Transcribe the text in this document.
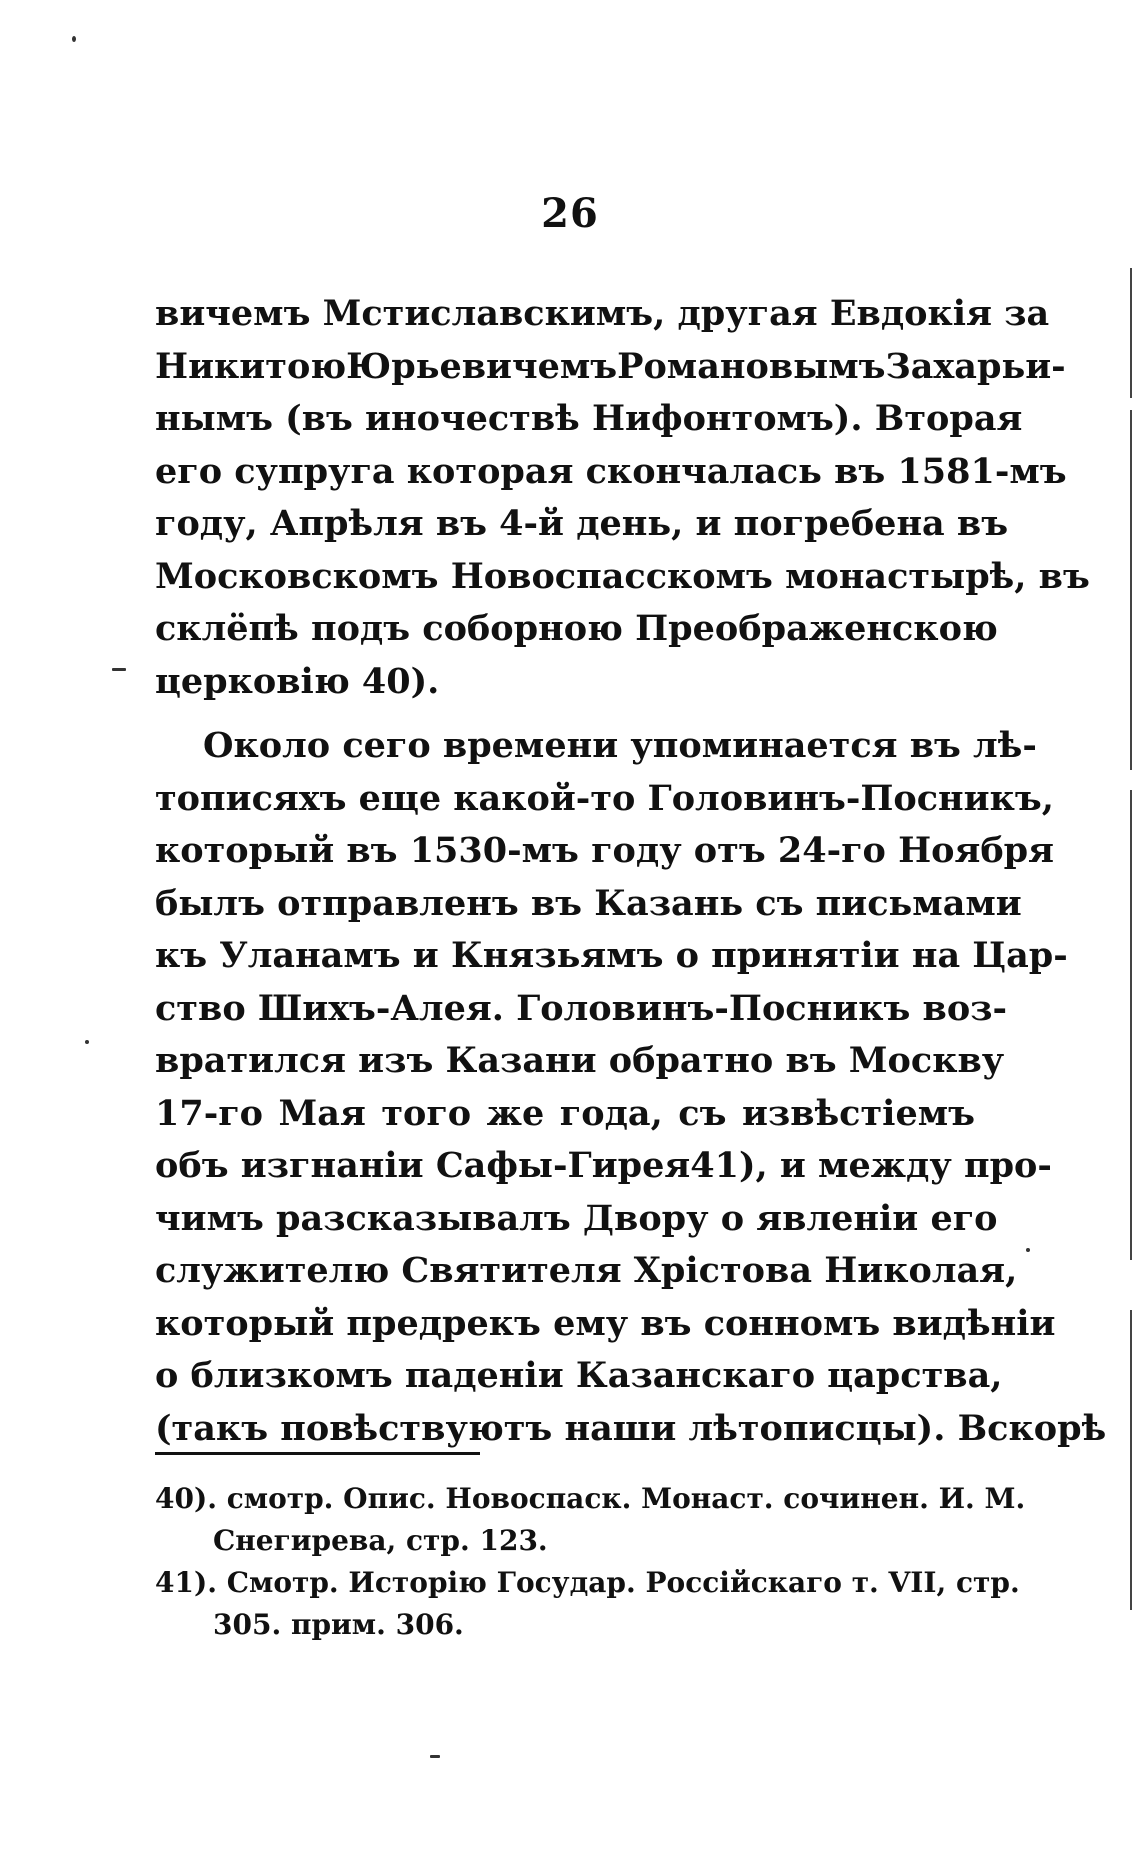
26
вичемъ Мстиславскимъ, другая Евдокія за
НикитоюЮрьевичемъРомановымъЗахарьи-
нымъ (въ иночествѣ Нифонтомъ). Вторая
его супруга которая скончалась въ 1581-мъ
году, Апрѣля въ 4-й день, и погребена въ
Московскомъ Новоспасскомъ монастырѣ, въ
склёпѣ подъ соборною Преображенскою
церковію 40).
Около сего времени упоминается въ лѣ-
тописяхъ еще какой-то Головинъ-Посникъ,
который въ 1530-мъ году отъ 24-го Ноября
былъ отправленъ въ Казань съ письмами
къ Уланамъ и Князьямъ о принятіи на Цар-
ство Шихъ-Алея. Головинъ-Посникъ воз-
вратился изъ Казани обратно въ Москву
17-го Мая того же года, съ извѣстіемъ
объ изгнаніи Сафы-Гирея41), и между про-
чимъ разсказывалъ Двору о явленіи его
служителю Святителя Хрістова Николая,
который предрекъ ему въ сонномъ видѣніи
о близкомъ паденіи Казанскаго царства,
(такъ повѣствуютъ наши лѣтописцы). Вскорѣ
40). смотр. Опис. Новоспаск. Монаст. сочинен. И. М.
Снегирева, стр. 123.
41). Смотр. Исторію Государ. Россійскаго т. VII, стр.
305. прим. 306.
